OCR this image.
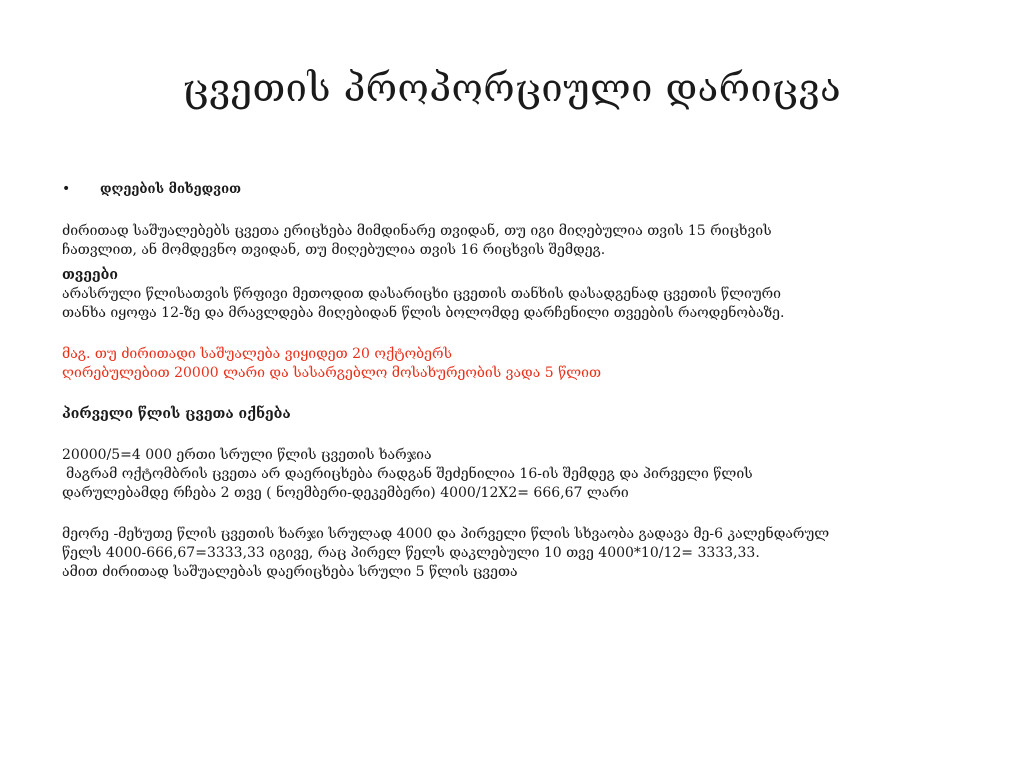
ცვეთის პროპორციული დარიცვა
•	დღეების მიხედვით

ძირითად საშუალებებს ცვეთა ერიცხება მიმდინარე თვიდან, თუ იგი მიღებულია თვის 15 რიცხვის

ჩათვლით, ან მომდევნო თვიდან, თუ მიღებულია თვის 16 რიცხვის შემდეგ.

თვეები

არასრული წლისათვის წრფივი მეთოდით დასარიცხი ცვეთის თანხის დასადგენად ცვეთის წლიური

თანხა იყოფა 12-ზე და მრავლდება მიღებიდან წლის ბოლომდე დარჩენილი თვეების რაოდენობაზე.

მაგ. თუ ძირითადი საშუალება ვიყიდეთ 20 ოქტობერს

ღირებულებით 20000 ლარი და სასარგებლო მოსახურეობის ვადა 5 წლით

პირველი წლის ცვეთა იქნება

20000/5=4 000 ერთი სრული წლის ცვეთის ხარჯია

მაგრამ ოქტომბრის ცვეთა არ დაერიცხება რადგან შეძენილია 16-ის შემდეგ და პირველი წლის

დარულებამდე რჩება 2 თვე ( ნოემბერი-დეკემბერი) 4000/12X2= 666,67 ლარი

მეორე -მეხუთე წლის ცვეთის ხარჯი სრულად 4000 და პირველი წლის სხვაობა გადავა მე-6 კალენდარულ

წელს 4000-666,67=3333,33 იგივე, რაც პირელ წელს დაკლებული 10 თვე 4000*10/12= 3333,33.

ამით ძირითად საშუალებას დაერიცხება სრული 5 წლის ცვეთა
